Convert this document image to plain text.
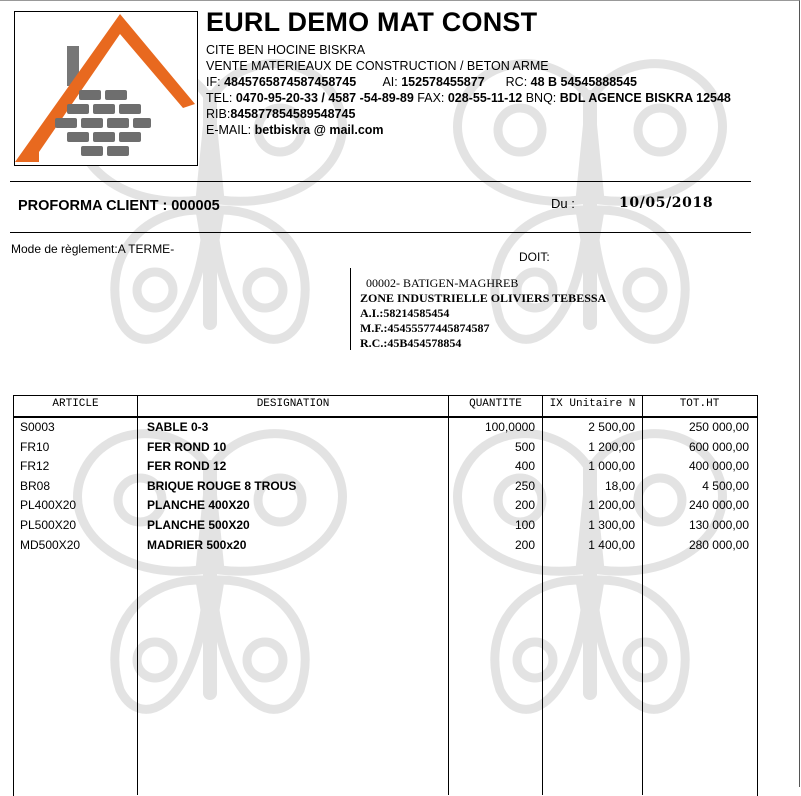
EURL DEMO MAT CONST
CITE BEN HOCINE BISKRA
VENTE MATERIEAUX DE CONSTRUCTION / BETON ARME
IF: 4845765874587458745 AI: 152578455877 RC: 48 B 54545888545
TEL: 0470-95-20-33 / 4587 -54-89-89 FAX: 028-55-11-12 BNQ: BDL AGENCE BISKRA 12548
RIB:845877854589548745
E-MAIL: betbiskra @ mail.com
PROFORMA CLIENT : 000005	Du :	10/05/2018
Mode de règlement:A TERME-
DOIT:
00002- BATIGEN-MAGHREB
ZONE INDUSTRIELLE OLIVIERS TEBESSA
A.I.:58214585454
M.F.:45455577445874587
R.C.:45B454578854
ARTICLE	DESIGNATION	QUANTITE	IX Unitaire N	TOT.HT
S0003	SABLE 0-3	100,0000	2 500,00	250 000,00
FR10	FER ROND 10	500	1 200,00	600 000,00
FR12	FER ROND 12	400	1 000,00	400 000,00
BR08	BRIQUE ROUGE 8 TROUS	250	18,00	4 500,00
PL400X20	PLANCHE 400X20	200	1 200,00	240 000,00
PL500X20	PLANCHE 500X20	100	1 300,00	130 000,00
MD500X20	MADRIER 500x20	200	1 400,00	280 000,00
